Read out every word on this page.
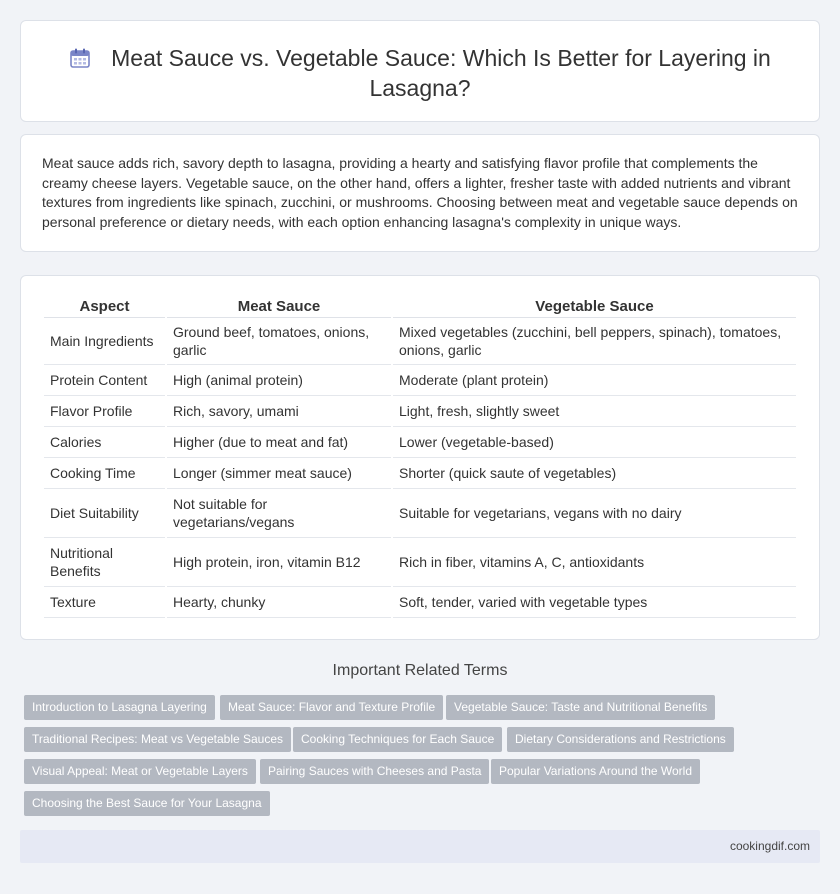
Meat Sauce vs. Vegetable Sauce: Which Is Better for Layering in Lasagna?

Meat sauce adds rich, savory depth to lasagna, providing a hearty and satisfying flavor profile that complements the creamy cheese layers. Vegetable sauce, on the other hand, offers a lighter, fresher taste with added nutrients and vibrant textures from ingredients like spinach, zucchini, or mushrooms. Choosing between meat and vegetable sauce depends on personal preference or dietary needs, with each option enhancing lasagna's complexity in unique ways.

Aspect	Meat Sauce	Vegetable Sauce
Main Ingredients	Ground beef, tomatoes, onions, garlic	Mixed vegetables (zucchini, bell peppers, spinach), tomatoes, onions, garlic
Protein Content	High (animal protein)	Moderate (plant protein)
Flavor Profile	Rich, savory, umami	Light, fresh, slightly sweet
Calories	Higher (due to meat and fat)	Lower (vegetable-based)
Cooking Time	Longer (simmer meat sauce)	Shorter (quick saute of vegetables)
Diet Suitability	Not suitable for vegetarians/vegans	Suitable for vegetarians, vegans with no dairy
Nutritional Benefits	High protein, iron, vitamin B12	Rich in fiber, vitamins A, C, antioxidants
Texture	Hearty, chunky	Soft, tender, varied with vegetable types
Important Related Terms
Introduction to Lasagna Layering	Meat Sauce: Flavor and Texture Profile	Vegetable Sauce: Taste and Nutritional Benefits
Traditional Recipes: Meat vs Vegetable Sauces	Cooking Techniques for Each Sauce	Dietary Considerations and Restrictions
Visual Appeal: Meat or Vegetable Layers	Pairing Sauces with Cheeses and Pasta	Popular Variations Around the World
Choosing the Best Sauce for Your Lasagna
cookingdif.com
